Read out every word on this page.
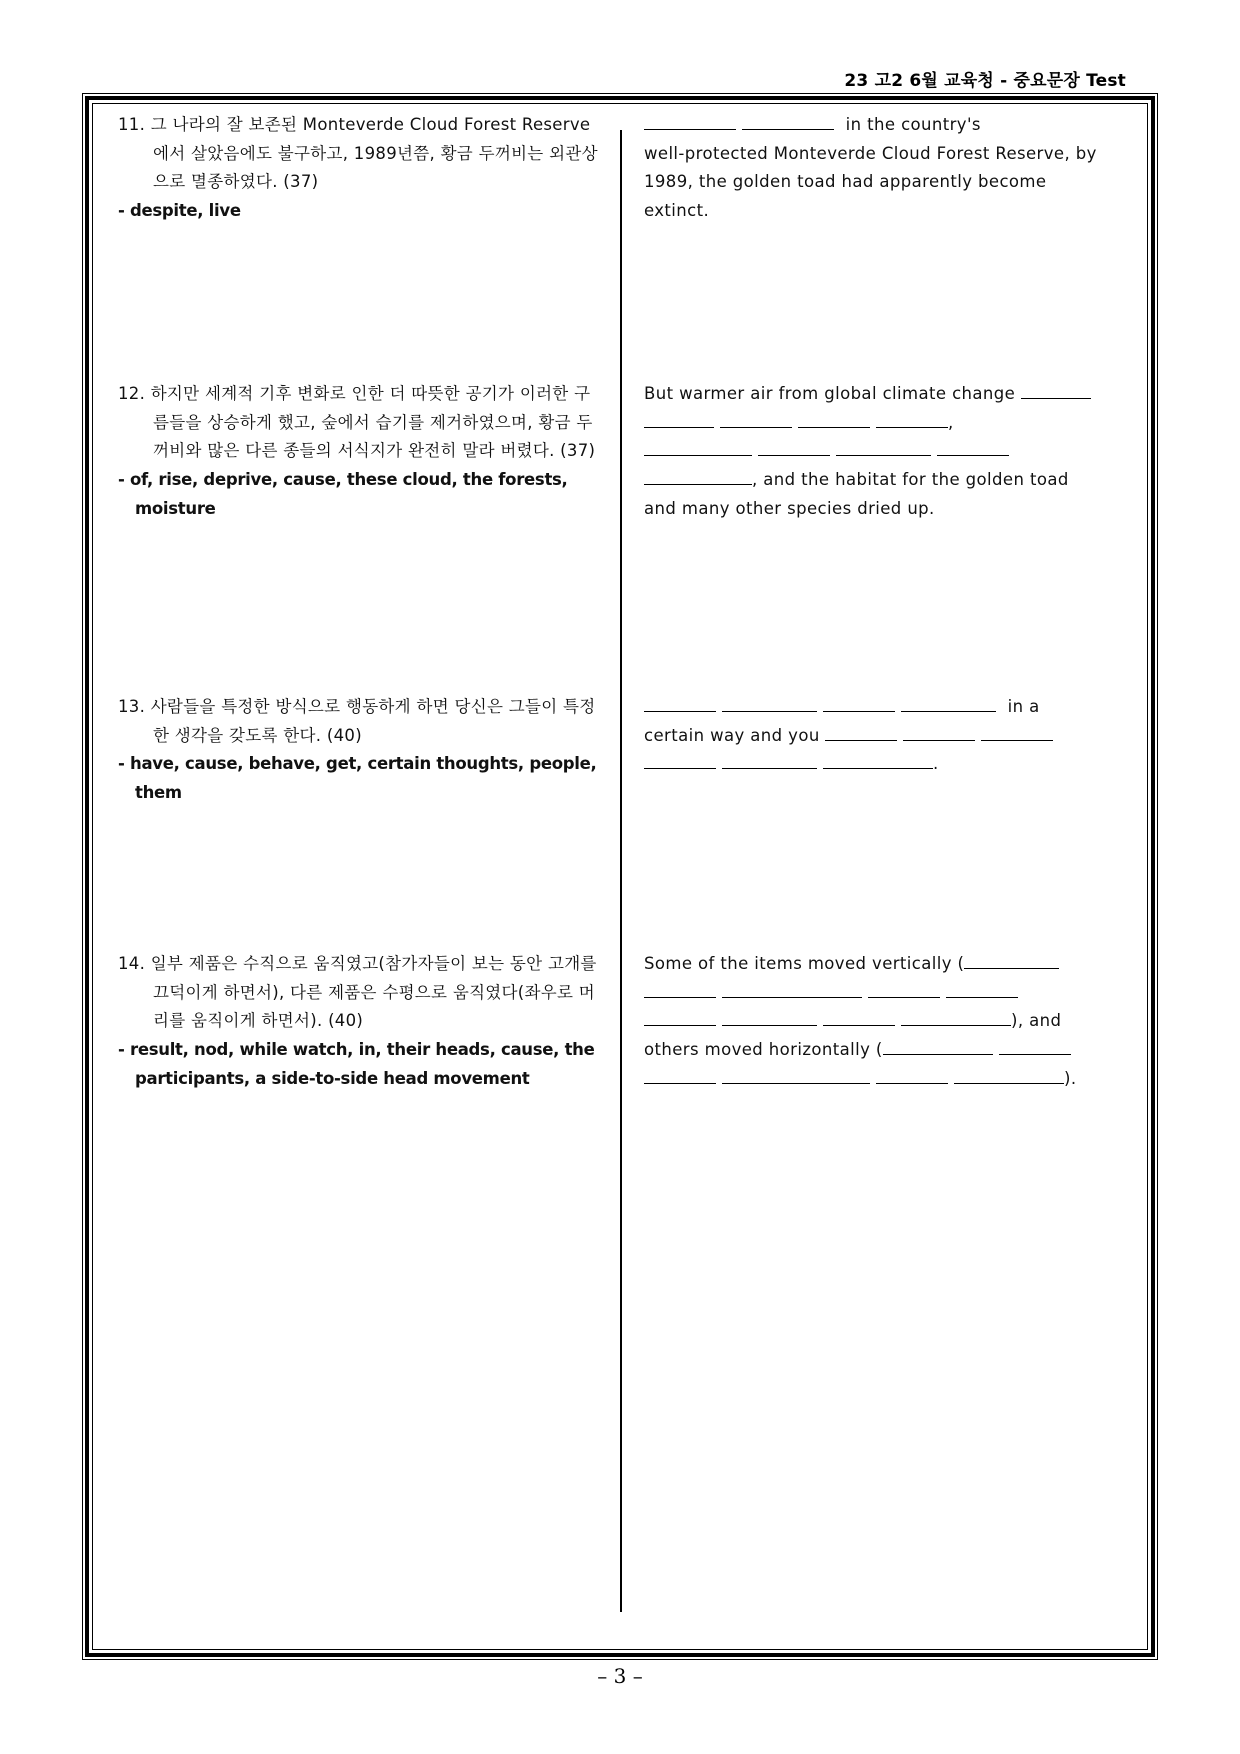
23 고2 6월 교육청 - 중요문장 Test
11. 그 나라의 잘 보존된 Monteverde Cloud Forest Reserve에서 살았음에도 불구하고, 1989년쯤, 황금 두꺼비는 외관상으로 멸종하였다. (37)
- despite, live
in the country's
well-protected Monteverde Cloud Forest Reserve, by
1989, the golden toad had apparently become
extinct.
12. 하지만 세계적 기후 변화로 인한 더 따뜻한 공기가 이러한 구름들을 상승하게 했고, 숲에서 습기를 제거하였으며, 황금 두꺼비와 많은 다른 종들의 서식지가 완전히 말라 버렸다. (37)
- of, rise, deprive, cause, these cloud, the forests, moisture
But warmer air from global climate change
,
, and the habitat for the golden toad
and many other species dried up.
13. 사람들을 특정한 방식으로 행동하게 하면 당신은 그들이 특정한 생각을 갖도록 한다. (40)
- have, cause, behave, get, certain thoughts, people, them
in a
certain way and you
.
14. 일부 제품은 수직으로 움직였고(참가자들이 보는 동안 고개를 끄덕이게 하면서), 다른 제품은 수평으로 움직였다(좌우로 머리를 움직이게 하면서). (40)
- result, nod, while watch, in, their heads, cause, the participants, a side-to-side head movement
Some of the items moved vertically (
), and
others moved horizontally (
).
– 3 –
